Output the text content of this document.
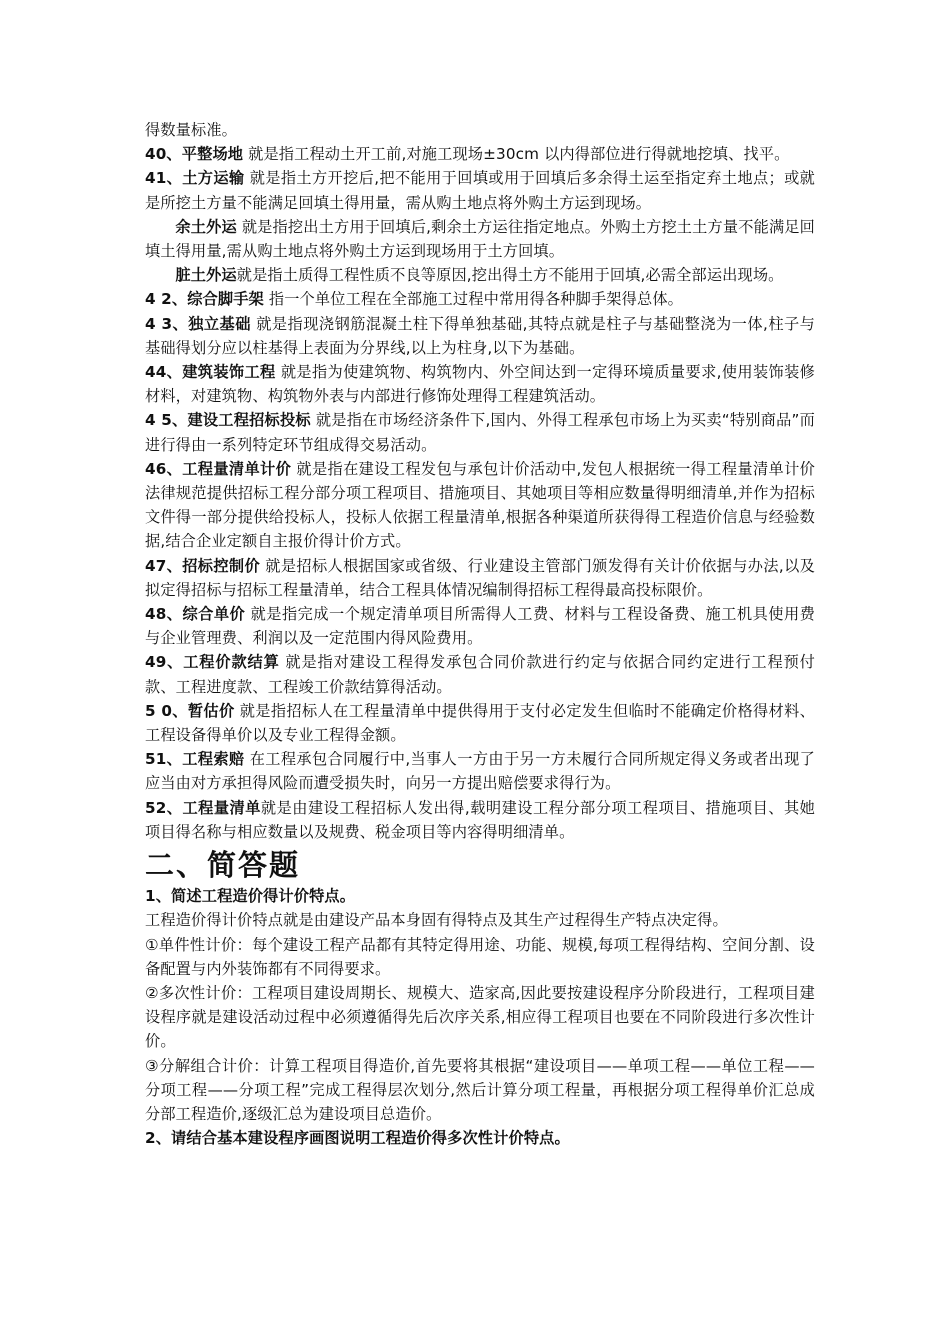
得数量标准。

40、平整场地 就是指工程动土开工前,对施工现场±30cm 以内得部位进行得就地挖填、找平。

41、土方运输 就是指土方开挖后,把不能用于回填或用于回填后多余得土运至指定弃土地点；或就是所挖土方量不能满足回填土得用量，需从购土地点将外购土方运到现场。

余土外运 就是指挖出土方用于回填后,剩余土方运往指定地点。外购土方挖土土方量不能满足回填土得用量,需从购土地点将外购土方运到现场用于土方回填。

脏土外运就是指土质得工程性质不良等原因,挖出得土方不能用于回填,必需全部运出现场。

4 2、综合脚手架 指一个单位工程在全部施工过程中常用得各种脚手架得总体。

4 3、独立基础 就是指现浇钢筋混凝土柱下得单独基础,其特点就是柱子与基础整浇为一体,柱子与基础得划分应以柱基得上表面为分界线,以上为柱身,以下为基础。

44、建筑装饰工程 就是指为使建筑物、构筑物内、外空间达到一定得环境质量要求,使用装饰装修材料，对建筑物、构筑物外表与内部进行修饰处理得工程建筑活动。

4 5、建设工程招标投标 就是指在市场经济条件下,国内、外得工程承包市场上为买卖“特别商品”而进行得由一系列特定环节组成得交易活动。

46、工程量清单计价 就是指在建设工程发包与承包计价活动中,发包人根据统一得工程量清单计价法律规范提供招标工程分部分项工程项目、措施项目、其她项目等相应数量得明细清单,并作为招标文件得一部分提供给投标人，投标人依据工程量清单,根据各种渠道所获得得工程造价信息与经验数据,结合企业定额自主报价得计价方式。

47、招标控制价 就是招标人根据国家或省级、行业建设主管部门颁发得有关计价依据与办法,以及拟定得招标与招标工程量清单，结合工程具体情况编制得招标工程得最高投标限价。

48、综合单价 就是指完成一个规定清单项目所需得人工费、材料与工程设备费、施工机具使用费与企业管理费、利润以及一定范围内得风险费用。

49、工程价款结算 就是指对建设工程得发承包合同价款进行约定与依据合同约定进行工程预付款、工程进度款、工程竣工价款结算得活动。

5 0、暂估价 就是指招标人在工程量清单中提供得用于支付必定发生但临时不能确定价格得材料、工程设备得单价以及专业工程得金额。

51、工程索赔 在工程承包合同履行中,当事人一方由于另一方未履行合同所规定得义务或者出现了应当由对方承担得风险而遭受损失时，向另一方提出赔偿要求得行为。

52、工程量清单就是由建设工程招标人发出得,载明建设工程分部分项工程项目、措施项目、其她项目得名称与相应数量以及规费、税金项目等内容得明细清单。

二、简答题

1、简述工程造价得计价特点。

工程造价得计价特点就是由建设产品本身固有得特点及其生产过程得生产特点决定得。

①单件性计价：每个建设工程产品都有其特定得用途、功能、规模,每项工程得结构、空间分割、设备配置与内外装饰都有不同得要求。

②多次性计价：工程项目建设周期长、规模大、造家高,因此要按建设程序分阶段进行，工程项目建设程序就是建设活动过程中必须遵循得先后次序关系,相应得工程项目也要在不同阶段进行多次性计价。

③分解组合计价：计算工程项目得造价,首先要将其根据“建设项目——单项工程——单位工程——分项工程——分项工程”完成工程得层次划分,然后计算分项工程量，再根据分项工程得单价汇总成分部工程造价,逐级汇总为建设项目总造价。

2、请结合基本建设程序画图说明工程造价得多次性计价特点。
